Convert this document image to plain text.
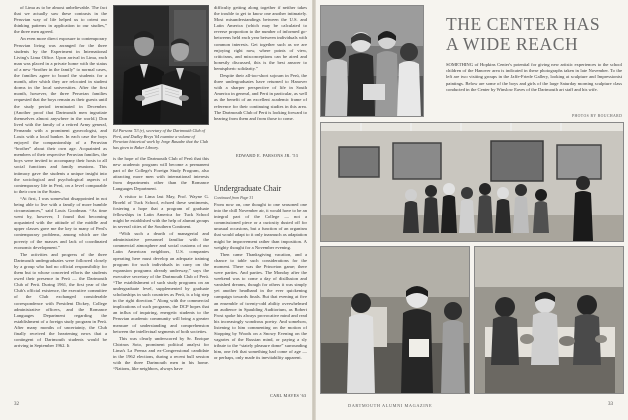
of Lima as to be almost unbelievable. The fact that we actually saw these contrasts in the Peruvian way of life helped us to orient our thinking patterns in application to our studies,” the three men agreed.

An even more direct exposure to contemporary Peruvian living was arranged for the three students by the Experiment in International Living's Lima Office. Upon arrival in Lima, each man was placed in a private home with the status of a new “brother in the family” to normal cases, the families agree to board the students for a month, after which they are relocated in student dorms in the local universities. After the first month, however, the three Peruvian families requested that the boys remain as their guests until the study period terminated in December. (Another proof that Dartmouth men ingratiate themselves almost anywhere in the world.) Don lived with the family of a retired Army general, Fernando with a prominent gynecologist, and Louis with a local banker. In each case the boys enjoyed the companionship of a Peruvian “brother” about their own age. Acquainted as members of their respective Peruvian families, the boys were invited to accompany their hosts to all social functions and family reunions. This intimacy gave the students a unique insight into the sociological and psychological aspects of contemporary life in Perú, on a level comparable to their own in the States.

“At first, I was somewhat disappointed in not being able to live with a family of more humble circumstances,” said Louis Goodman. “As time went by, however, I found that becoming acquainted with the attitude of the middle and upper classes gave me the key to many of Perú's contemporary problems, among which are the poverty of the masses and lack of coordinated economic development.”

The activities and progress of the three Dartmouth undergraduates were followed closely by a group who had no official responsibility for them but to whose concerted efforts the students owed their presence in Perú — the Dartmouth Club of Perú. During 1961, the first year of the Club's official existence, the executive committee of the Club exchanged considerable correspondence with President Dickey, College administrative officers, and the Romance Languages Department regarding the establishment of a foreign study program in Perú. After many months of uncertainty, the Club finally received the heartening news that a contingent of Dartmouth students would be arriving in September 1962. It

Ed Parsons '53 (r), secretary of the Dartmouth Club of Perú, and Dudley Breys '64 examine a volume of Peruvian historical work by Jorge Basadre that the Club has given to Baker Library.

is the hope of the Dartmouth Club of Perú that this new academic program will become a permanent part of the College's Foreign Study Program, also attracting more men with international interests from departments other than the Romance Languages Department.

A visitor to Lima last May, Prof. Wayne G. Broehl of Tuck School, echoed these sentiments, fostering a hope that a program of graduate fellowships in Latin America for Tuck School might be established with the help of alumni groups in several cities of the Southern Continent.

“With such a dearth of managerial and administrative personnel familiar with the commercial atmosphere and social customs of our Latin American neighbors, U.S. companies operating here must develop an adequate training program for such individuals in carry on the expansion programs already underway,” says the executive secretary of the Dartmouth Club of Perú. “The establishment of such study programs on an undergraduate level, supplemented by graduate scholarships in such countries as Perú, is a big step in the right direction.” Along with the commercial implications of such programs, the DCP hopes that an influx of inquiring, energetic students to the Peruvian academic community will bring a greater measure of understanding and comprehension between the intellectual segments of both societies.

This was clearly underscored by Sr. Enrique Chirinos Soto, prominent political analyst for Lima's La Prensa and ex-Congressional candidate in the 1962 elections, during a recent bull session with the three Dartmouth men in his home. “Nations, like neighbors, always have

difficulty getting along together if neither takes the trouble to get to know one another intimately. Most misunderstandings between the U.S. and Latin America (which may be calculated to reverse proportion to the number of informed go-betweens held each year between individuals with common interests. Get together such as we are enjoying right now, where points of view, criticisms, and misconceptions can be aired and honestly discussed, this is the best answer to hemispheric solidarity.”

Despite their all-too-short sojourn in Perú, the three undergraduates have returned to Hanover with a sharper perspective of life in South America in general, and Perú in particular, as well as the benefit of an excellent academic frame of reference for their continuing studies in this area. The Dartmouth Club of Perú is looking forward to hearing from them and from those to come.

EDWARD E. PARSONS JR. '53
Undergraduate Chair
Continued from Page 31

From now on, one thought to one seasoned one into the chill November air, it would have to be an integral part of the College — not a commissioned piece or a curiosity dusted off for unusual occasions, but a function of an organism that would adapt to it only inasmuch as adaptation might be improvement rather than imposition. A weighty thought for a November evening.

Then came Thanksgiving vacation, and a chance to table such considerations for the moment. There was the Princeton game; there were parties. And parties. The Monday after the weekend was to come a day of disillusion and vanished dreams, though for others it was simply yet another headband in the ever quickening campaign towards finals. But that evening at five an ensemble of twenty-odd ability overwhelmed an audience in Spaulding Auditorium, as Robert Frost spoke his always provocative mind and read his increasingly wondrous poetry. And somehow, listening to him commenting on the motion of Stopping by Woods on a Snowy Evening on the vagaries of the Russian mind, or paying a sly tribute to the “stately pleasure dome” surrounding him, one felt that something had come of age — or perhaps, only made its inevitability apparent.

CARL MAVES '63
32
THE CENTER HAS
A WIDE REACH
SOMETHING of Hopkins Center's potential for giving new artistic experiences to the school children of the Hanover area is indicated in these photographs taken in late November. To the left are two visiting groups in the Jaffe-Friede Gallery, looking at sculpture and Impressionist paintings. Below are some of the boys and girls of the large Saturday morning sculpture class conducted in the Center by Winslow Eaves of the Dartmouth art staff and his wife.
PHOTOS BY BOUCHARD
DARTMOUTH ALUMNI MAGAZINE	33
